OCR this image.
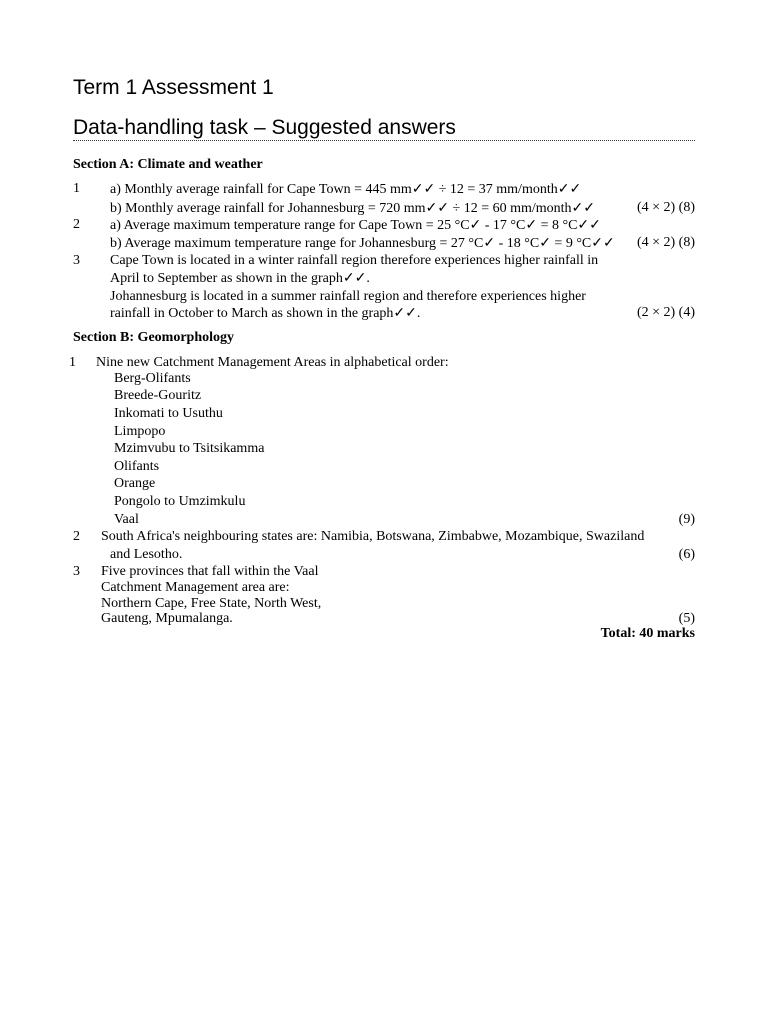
Term 1 Assessment 1
Data-handling task – Suggested answers
Section A: Climate and weather
1 a) Monthly average rainfall for Cape Town = 445 mm✓✓ ÷ 12 = 37 mm/month✓✓
b) Monthly average rainfall for Johannesburg = 720 mm✓✓ ÷ 12 = 60 mm/month✓✓	(4 × 2) (8)
2 a) Average maximum temperature range for Cape Town = 25 °C✓ - 17 °C✓ = 8 °C✓✓
b) Average maximum temperature range for Johannesburg = 27 °C✓ - 18 °C✓ = 9 °C✓✓ (4 × 2) (8)
3 Cape Town is located in a winter rainfall region therefore experiences higher rainfall in
April to September as shown in the graph✓✓.
Johannesburg is located in a summer rainfall region and therefore experiences higher
rainfall in October to March as shown in the graph✓✓.	(2 × 2) (4)
Section B: Geomorphology
1 Nine new Catchment Management Areas in alphabetical order:
Berg-Olifants
Breede-Gouritz
Inkomati to Usuthu
Limpopo
Mzimvubu to Tsitsikamma
Olifants
Orange
Pongolo to Umzimkulu
Vaal	(9)
2 South Africa's neighbouring states are: Namibia, Botswana, Zimbabwe, Mozambique, Swaziland
and Lesotho.	(6)
3 Five provinces that fall within the Vaal
Catchment Management area are:
Northern Cape, Free State, North West,
Gauteng, Mpumalanga.	(5)
Total: 40 marks
